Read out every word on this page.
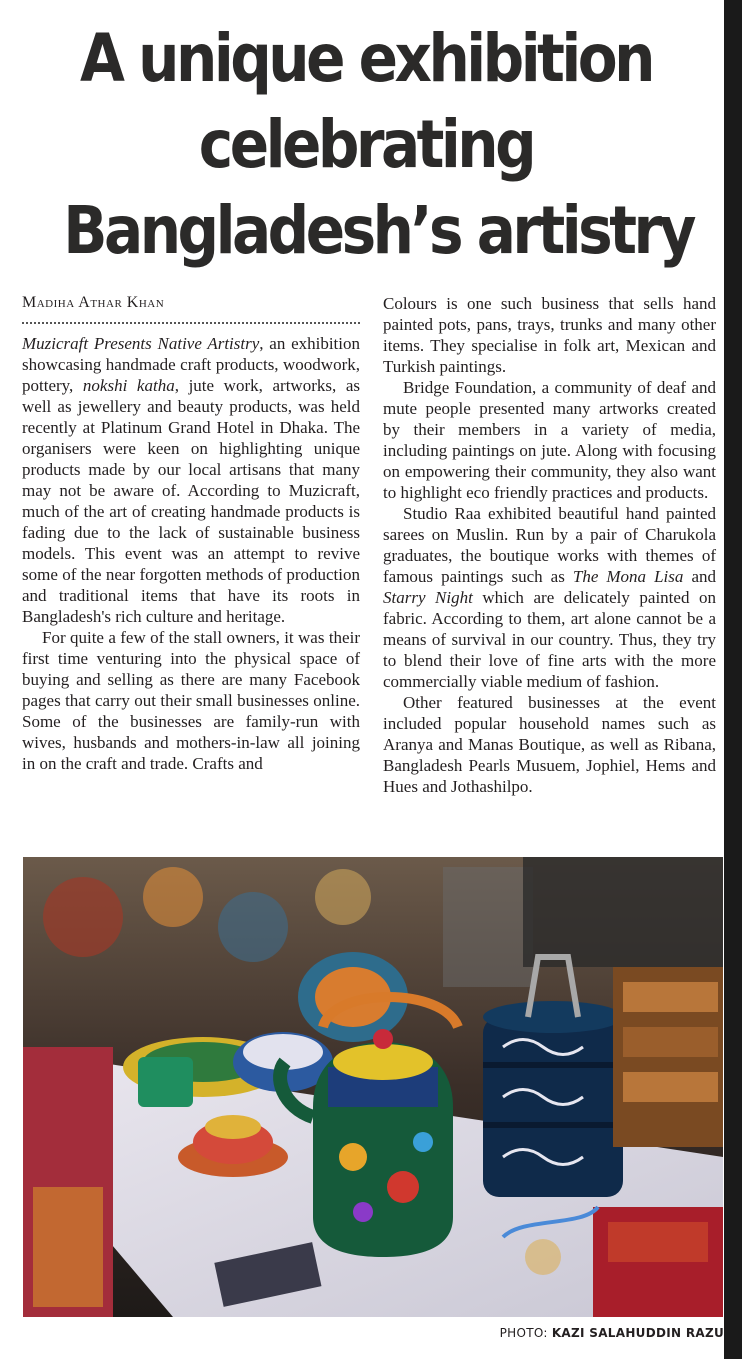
A unique exhibition
celebrating
Bangladesh’s artistry
Madiha Athar Khan

Muzicraft Presents Native Artistry, an exhibition showcasing handmade craft products, woodwork, pottery, nokshi katha, jute work, artworks, as well as jewellery and beauty products, was held recently at Platinum Grand Hotel in Dhaka. The organisers were keen on highlighting unique products made by our local artisans that many may not be aware of. According to Muzicraft, much of the art of creating handmade products is fading due to the lack of sustainable business models. This event was an attempt to revive some of the near forgotten methods of production and traditional items that have its roots in Bangladesh's rich culture and heritage.

For quite a few of the stall owners, it was their first time venturing into the physical space of buying and selling as there are many Facebook pages that carry out their small businesses online. Some of the businesses are family-run with wives, husbands and mothers-in-law all joining in on the craft and trade. Crafts and

Colours is one such business that sells hand painted pots, pans, trays, trunks and many other items. They specialise in folk art, Mexican and Turkish paintings.

Bridge Foundation, a community of deaf and mute people presented many artworks created by their members in a variety of media, including paintings on jute. Along with focusing on empowering their community, they also want to highlight eco friendly practices and products.

Studio Raa exhibited beautiful hand painted sarees on Muslin. Run by a pair of Charukola graduates, the boutique works with themes of famous paintings such as The Mona Lisa and Starry Night which are delicately painted on fabric. According to them, art alone cannot be a means of survival in our country. Thus, they try to blend their love of fine arts with the more commercially viable medium of fashion.

Other featured businesses at the event included popular household names such as Aranya and Manas Boutique, as well as Ribana, Bangladesh Pearls Musuem, Jophiel, Hems and Hues and Jothashilpo.

PHOTO: KAZI SALAHUDDIN RAZU
